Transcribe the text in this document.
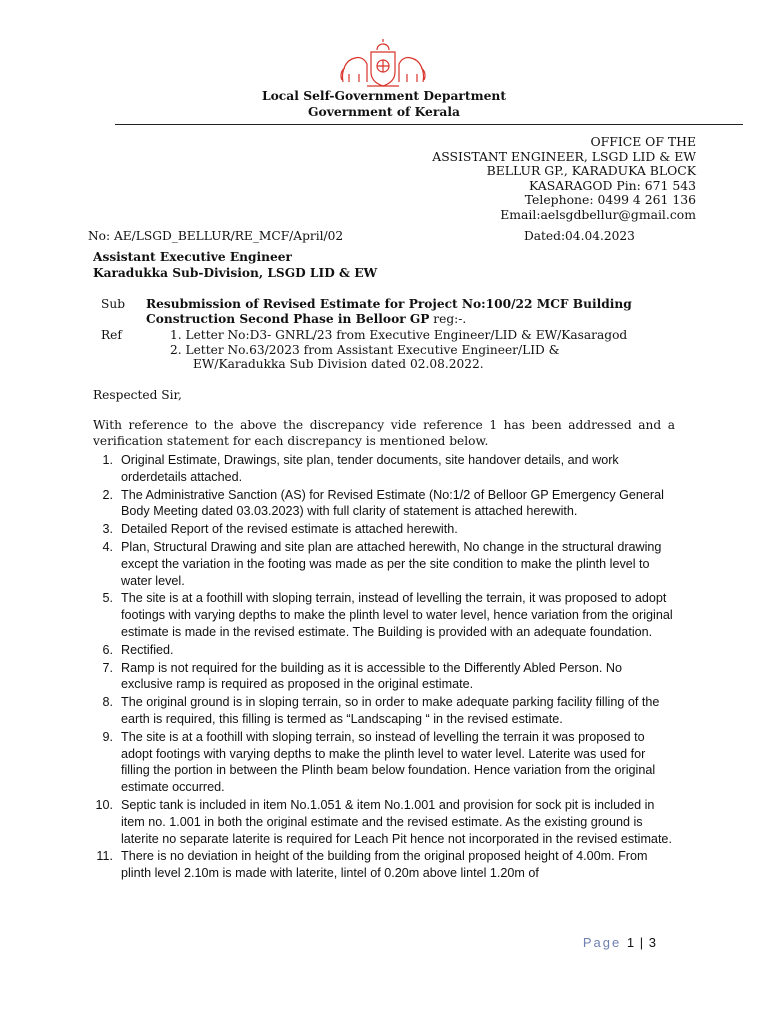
Local Self-Government Department
Government of Kerala
OFFICE OF THE
ASSISTANT ENGINEER, LSGD LID & EW
BELLUR GP., KARADUKA BLOCK
KASARAGOD Pin: 671 543
Telephone: 0499 4 261 136
Email:aelsgdbellur@gmail.com
No: AE/LSGD_BELLUR/RE_MCF/April/02	Dated:04.04.2023
Assistant Executive Engineer
Karadukka Sub-Division, LSGD LID & EW
Sub Resubmission of Revised Estimate for Project No:100/22 MCF Building
Construction Second Phase in Belloor GP reg:-.
Ref	1. Letter No:D3- GNRL/23 from Executive Engineer/LID & EW/Kasaragod
2. Letter No.63/2023 from Assistant Executive Engineer/LID &
EW/Karadukka Sub Division dated 02.08.2022.
Respected Sir,
With reference to the above the discrepancy vide reference 1 has been addressed and a verification statement for each discrepancy is mentioned below.
1. Original Estimate, Drawings, site plan, tender documents, site handover details, and work orderdetails attached.
2. The Administrative Sanction (AS) for Revised Estimate (No:1/2 of Belloor GP Emergency General Body Meeting dated 03.03.2023) with full clarity of statement is attached herewith.
3. Detailed Report of the revised estimate is attached herewith.
4. Plan, Structural Drawing and site plan are attached herewith, No change in the structural drawing except the variation in the footing was made as per the site condition to make the plinth level to water level.
5. The site is at a foothill with sloping terrain, instead of levelling the terrain, it was proposed to adopt footings with varying depths to make the plinth level to water level, hence variation from the original estimate is made in the revised estimate. The Building is provided with an adequate foundation.
6. Rectified.
7. Ramp is not required for the building as it is accessible to the Differently Abled Person. No exclusive ramp is required as proposed in the original estimate.
8. The original ground is in sloping terrain, so in order to make adequate parking facility filling of the earth is required, this filling is termed as “Landscaping “ in the revised estimate.
9. The site is at a foothill with sloping terrain, so instead of levelling the terrain it was proposed to adopt footings with varying depths to make the plinth level to water level. Laterite was used for filling the portion in between the Plinth beam below foundation. Hence variation from the original estimate occurred.
10. Septic tank is included in item No.1.051 & item No.1.001 and provision for sock pit is included in item no. 1.001 in both the original estimate and the revised estimate. As the existing ground is laterite no separate laterite is required for Leach Pit hence not incorporated in the revised estimate.
11. There is no deviation in height of the building from the original proposed height of 4.00m. From plinth level 2.10m is made with laterite, lintel of 0.20m above lintel 1.20m of
Page 1 | 3
